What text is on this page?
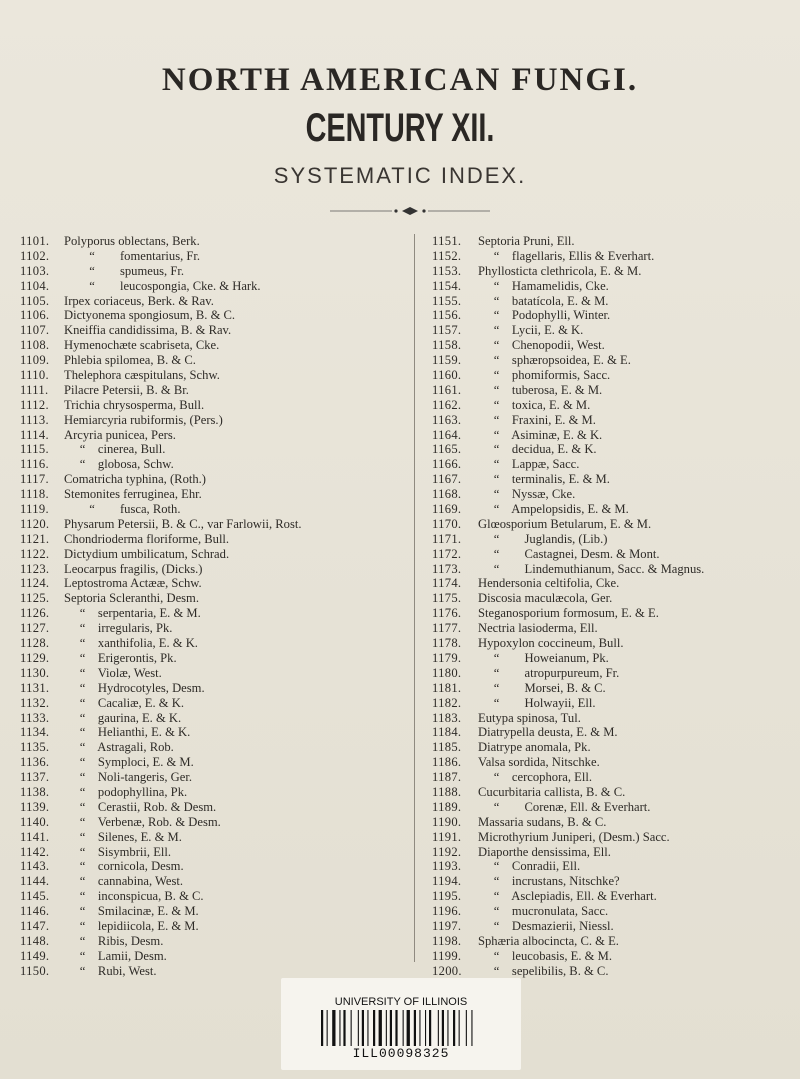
NORTH AMERICAN FUNGI.
CENTURY XII.
SYSTEMATIC INDEX.
1101.	Polyporus oblectans, Berk.
1102.	“        fomentarius, Fr.
1103.	“        spumeus, Fr.
1104.	“        leucospongia, Cke. & Hark.
1105.	Irpex coriaceus, Berk. & Rav.
1106.	Dictyonema spongiosum, B. & C.
1107.	Kneiffia candidissima, B. & Rav.
1108.	Hymenochæte scabriseta, Cke.
1109.	Phlebia spilomea, B. & C.
1110.	Thelephora cæspitulans, Schw.
1111.	Pilacre Petersii, B. & Br.
1112.	Trichia chrysosperma, Bull.
1113.	Hemiarcyria rubiformis, (Pers.)
1114.	Arcyria punicea, Pers.
1115.	“    cinerea, Bull.
1116.	“    globosa, Schw.
1117.	Comatricha typhina, (Roth.)
1118.	Stemonites ferruginea, Ehr.
1119.	“        fusca, Roth.
1120.	Physarum Petersii, B. & C., var Farlowii, Rost.
1121.	Chondrioderma floriforme, Bull.
1122.	Dictydium umbilicatum, Schrad.
1123.	Leocarpus fragilis, (Dicks.)
1124.	Leptostroma Actææ, Schw.
1125.	Septoria Scleranthi, Desm.
1126.	“    serpentaria, E. & M.
1127.	“    irregularis, Pk.
1128.	“    xanthifolia, E. & K.
1129.	“    Erigerontis, Pk.
1130.	“    Violæ, West.
1131.	“    Hydrocotyles, Desm.
1132.	“    Cacaliæ, E. & K.
1133.	“    gaurina, E. & K.
1134.	“    Helianthi, E. & K.
1135.	“    Astragali, Rob.
1136.	“    Symploci, E. & M.
1137.	“    Noli-tangeris, Ger.
1138.	“    podophyllina, Pk.
1139.	“    Cerastii, Rob. & Desm.
1140.	“    Verbenæ, Rob. & Desm.
1141.	“    Silenes, E. & M.
1142.	“    Sisymbrii, Ell.
1143.	“    cornicola, Desm.
1144.	“    cannabina, West.
1145.	“    inconspicua, B. & C.
1146.	“    Smilacinæ, E. & M.
1147.	“    lepidiicola, E. & M.
1148.	“    Ribis, Desm.
1149.	“    Lamii, Desm.
1150.	“    Rubi, West.
1151.	Septoria Pruni, Ell.
1152.	“    flagellaris, Ellis & Everhart.
1153.	Phyllosticta clethricola, E. & M.
1154.	“    Hamamelidis, Cke.
1155.	“    batatícola, E. & M.
1156.	“    Podophylli, Winter.
1157.	“    Lycii, E. & K.
1158.	“    Chenopodii, West.
1159.	“    sphæropsoidea, E. & E.
1160.	“    phomiformis, Sacc.
1161.	“    tuberosa, E. & M.
1162.	“    toxica, E. & M.
1163.	“    Fraxini, E. & M.
1164.	“    Asiminæ, E. & K.
1165.	“    decidua, E. & K.
1166.	“    Lappæ, Sacc.
1167.	“    terminalis, E. & M.
1168.	“    Nyssæ, Cke.
1169.	“    Ampelopsidis, E. & M.
1170.	Glœosporium Betularum, E. & M.
1171.	“        Juglandis, (Lib.)
1172.	“        Castagnei, Desm. & Mont.
1173.	“        Lindemuthianum, Sacc. & Magnus.
1174.	Hendersonia celtifolia, Cke.
1175.	Discosia maculæcola, Ger.
1176.	Steganosporium formosum, E. & E.
1177.	Nectria lasioderma, Ell.
1178.	Hypoxylon coccineum, Bull.
1179.	“        Howeianum, Pk.
1180.	“        atropurpureum, Fr.
1181.	“        Morsei, B. & C.
1182.	“        Holwayii, Ell.
1183.	Eutypa spinosa, Tul.
1184.	Diatrypella deusta, E. & M.
1185.	Diatrype anomala, Pk.
1186.	Valsa sordida, Nitschke.
1187.	“    cercophora, Ell.
1188.	Cucurbitaria callista, B. & C.
1189.	“        Corenæ, Ell. & Everhart.
1190.	Massaria sudans, B. & C.
1191.	Microthyrium Juniperi, (Desm.) Sacc.
1192.	Diaporthe densissima, Ell.
1193.	“    Conradii, Ell.
1194.	“    incrustans, Nitschke?
1195.	“    Asclepiadis, Ell. & Everhart.
1196.	“    mucronulata, Sacc.
1197.	“    Desmazierii, Niessl.
1198.	Sphæria albocincta, C. & E.
1199.	“    leucobasis, E. & M.
1200.	“    sepelibilis, B. & C.
UNIVERSITY OF ILLINOIS
ILL00098325
